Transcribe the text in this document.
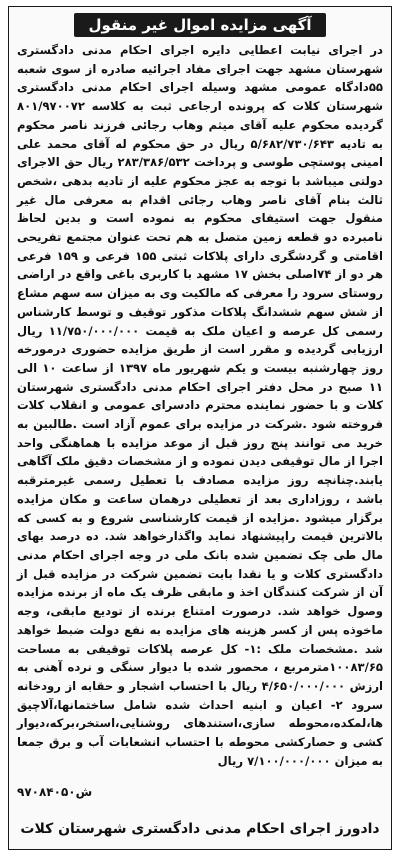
آگهی مزایده اموال غیر منقول
در اجرای نیابت اعطایی دایره اجرای احکام مدنی دادگستری شهرستان مشهد جهت اجرای مفاد اجرائیه صادره از سوی شعبه ۵۵دادگاه عمومی مشهد وسیله اجرای احکام مدنی دادگستری شهرستان کلات که پرونده ارجاعی ثبت به کلاسه ۸۰۱/۹۷۰۰۷۲ گردیده محکوم علیه آقای میثم وهاب رجائی فرزند ناصر محکوم به تادیه ۵/۶۸۲/۷۳۰/۶۴۳ ریال در حق محکوم له آقای محمد علی امینی پوستچی طوسی و پرداخت ۲۸۳/۳۸۶/۵۳۲ ریال حق الاجرای دولتی میباشد با توجه به عجز محکوم علیه از تادیه بدهی ،شخص ثالث بنام آقای ناصر وهاب رجائی اقدام به معرفی مال غیر منقول جهت استیفای محکوم به نموده است و بدین لحاظ نامبرده دو قطعه زمین متصل به هم تحت عنوان مجتمع تفریحی اقامتی و گردشگری دارای پلاکات ثبتی ۱۵۵ فرعی و ۱۵۹ فرعی هر دو از ۷۴اصلی بخش ۱۷ مشهد با کاربری باغی واقع در اراضی روستای سرود را معرفی که مالکیت وی به میزان سه سهم مشاع از شش سهم ششدانگ پلاکات مذکور توقیف و توسط کارشناس رسمی کل عرصه و اعیان ملک به قیمت ۱۱/۷۵۰/۰۰۰/۰۰۰ ریال ارزیابی گردیده و مقرر است از طریق مزایده حضوری درمورخه روز چهارشنبه بیست و یکم شهریور ماه ۱۳۹۷ از ساعت ۱۰ الی ۱۱ صبح در محل دفتر اجرای احکام مدنی دادگستری شهرستان کلات و با حضور نماینده محترم دادسرای عمومی و انقلاب کلات فروخته شود .شرکت در مزایده برای عموم آزاد است .طالبین به خرید می توانند پنج روز قبل از موعد مزایده با هماهنگی واحد اجرا از مال توقیفی دیدن نموده و از مشخصات دقیق ملک آگاهی یابند.چنانچه روز مزایده مصادف با تعطیل رسمی غیرمترقبه باشد ، روزاداری بعد از تعطیلی درهمان ساعت و مکان مزایده برگزار میشود .مزایده از قیمت کارشناسی شروع و به کسی که بالاترین قیمت راپیشنهاد نماید واگذارخواهد شد. ده درصد بهای مال طی چک تضمین شده بانک ملی در وجه اجرای احکام مدنی دادگستری کلات و یا نقدا بابت تضمین شرکت در مزایده قبل از آن از شرکت کنندگان اخذ و مابقی ظرف یک ماه از برنده مزایده وصول خواهد شد. درصورت امتناع برنده از تودیع مابقی، وجه ماخوذه پس از کسر هزینه های مزایده به نفع دولت ضبط خواهد شد .مشخصات ملک :۱- کل عرصه پلاکات توقیفی به مساحت ۱۰۰۸۳/۶۵مترمربع ، محصور شده با دیوار سنگی و نرده آهنی به ارزش ۴/۶۵۰/۰۰۰/۰۰۰ ریال با احتساب اشجار و حقابه از رودخانه سرود ۲- اعیان و ابنیه احداث شده شامل ساختمانها،آلاچیق ها،لمکده،محوطه سازی،استندهای روشنایی،استخر،برکه،دیوار کشی و حصارکشی محوطه با احتساب انشعابات آب و برق جمعا به میزان ۷/۱۰۰/۰۰۰/۰۰۰ ریال
ش۹۷۰۸۴۰۵۰
دادورز اجرای احکام مدنی دادگستری شهرستان کلات
